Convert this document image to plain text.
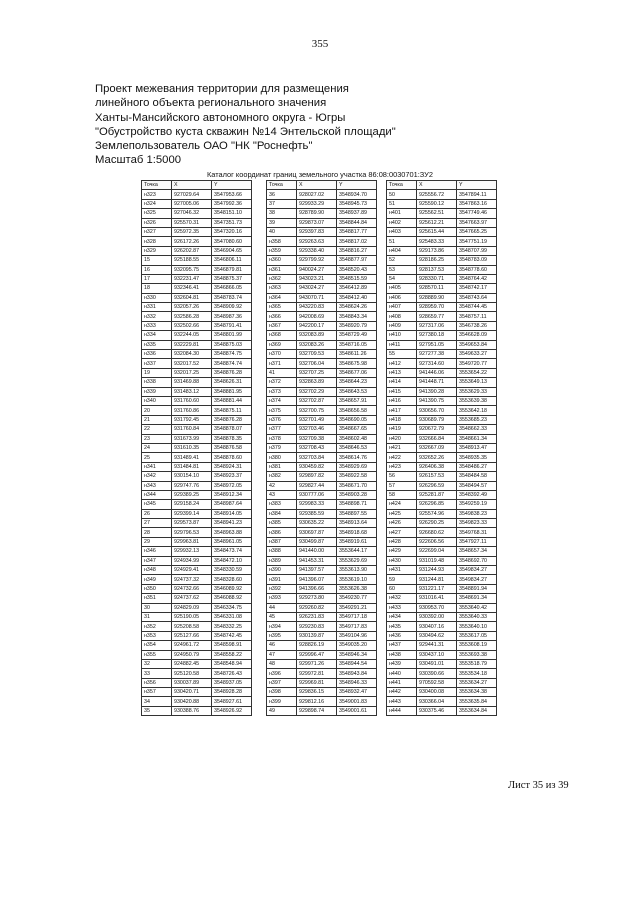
355
Проект межевания территории для размещения
линейного объекта регионального значения
Ханты-Мансийского автономного округа - Югры
"Обустройство куста скважин №14 Энтельской площади"
Землепользователь ОАО "НК "Роснефть"
Масштаб 1:5000
Каталог координат границ земельного участка 86:08:0030701:ЗУ2
Точка	X	Y
н323	927029.64	3547953.66
н324	927005.06	3547992.36
н325	927046.32	3548151.10
н326	925570.31	3547351.73
н327	925972.35	3547320.16
н328	926172.26	3547080.60
н329	926202.87	3546904.65
15	925188.55	3546806.11
16	932095.75	3546879.81
17	932231.47	3548875.37
18	932346.41	3546866.05
н330	932604.81	3548783.74
н331	932057.26	3548909.92
н332	932586.28	3548987.36
н333	932502.66	3548791.41
н334	932244.05	3548801.99
н335	932229.81	3548875.03
н336	932084.30	3548874.75
н337	932017.52	3548874.74
19	932017.25	3548876.28
н338	931469.88	3548626.31
н339	931483.12	3548881.95
н340	931760.60	3548881.44
20	931760.86	3548875.11
21	931792.45	3548876.28
22	931760.84	3548878.07
23	931673.99	3548878.35
24	931610.35	3548876.58
25	931489.41	3548878.60
н341	931484.81	3548924.31
н342	930154.10	3548923.37
н343	929747.76	3548972.05
н344	929389.25	3548912.34
н345	929158.24	3548987.64
26	929399.14	3548914.05
27	929573.87	3548941.23
28	929796.53	3548963.88
29	929963.81	3548961.05
н346	929932.13	3548473.74
н347	924934.99	3548472.10
н348	924929.41	3548330.59
н349	924737.32	3548328.60
н350	924732.66	3546089.92
н351	924737.62	3546088.92
30	924829.09	3546334.75
31	925190.05	3546331.08
н352	925208.58	3548332.25
н353	925127.66	3548742.45
н354	924961.72	3548598.91
н355	924950.79	3548558.22
32	924882.45	3548548.94
33	925120.58	3548726.43
н356	930037.89	3548937.05
н357	930420.71	3548928.28
34	930420.88	3548927.61
35	930388.76	3548926.92
Точка	X	Y
36	928027.02	3548934.70
37	929933.29	3548945.73
38	928789.90	3548937.89
39	929873.07	3548844.84
40	929397.83	3548817.77
н358	929263.63	3548817.02
н359	929338.40	3548816.27
н360	929799.92	3548877.97
н361	940024.27	3548520.43
н362	943023.21	3548515.59
н363	943024.27	3546412.89
н364	943070.71	3548412.40
н365	943220.83	3548624.26
н366	942008.69	3548843.34
н367	942200.17	3548920.79
н368	932083.89	3548729.49
н369	932083.26	3548716.05
н370	932709.53	3548611.26
н371	932706.04	3548675.98
41	932707.25	3548677.06
н372	932863.89	3548644.23
н373	932702.29	3548643.53
н374	932702.87	3548657.91
н375	932700.75	3548656.58
н376	932701.49	3548690.05
н377	932703.46	3548667.65
н378	932709.38	3548602.48
н379	932708.43	3548646.53
н380	932703.84	3548614.76
н381	930459.82	3548929.69
н382	929897.82	3548922.58
42	929827.44	3548671.70
43	930777.06	3548903.28
н383	929983.33	3548898.71
н384	929385.59	3548897.55
н385	930635.22	3548913.64
н386	930697.87	3548918.68
н387	930499.87	3548919.61
н388	941440.00	3553644.17
н389	941453.31	3553629.69
н390	941397.57	3553613.90
н391	941396.07	3553619.10
н392	941396.66	3553626.38
н393	929273.80	3549230.77
44	929260.82	3549291.21
45	926231.83	3549717.18
н394	929230.83	3549717.83
н395	930139.87	3549104.96
46	928826.19	3549035.20
47	929996.47	3548946.34
48	929971.26	3548944.54
н396	929972.81	3548943.84
н397	929969.81	3548946.33
н398	929836.15	3548932.47
н399	929812.16	3549001.83
49	929898.74	3549001.61
Точка	X	Y
50	925556.72	3547894.11
51	925590.12	3547863.16
н401	925562.51	3547749.46
н402	925612.21	3547663.97
н403	925615.44	3547665.25
51	925483.33	3547751.19
н404	929173.86	3548707.99
52	928186.25	3548783.09
53	928137.53	3548778.60
54	928330.71	3548764.42
н405	928570.11	3548742.17
н406	928889.90	3548743.64
н407	928959.70	3548744.45
н408	928659.77	3548757.11
н409	927317.06	3546738.26
н410	927380.18	3546628.09
н411	927951.05	3549653.84
55	927277.38	3549633.27
н412	927314.60	3549720.77
н413	941446.06	3553654.22
н414	941448.71	3553649.13
н415	941390.28	3553629.33
н416	941390.75	3553639.38
н417	930656.70	3553642.18
н418	930689.79	3553685.23
н419	920672.79	3548662.33
н420	932666.84	3548661.34
н421	932667.09	3548913.47
н422	932652.26	3548935.35
н423	926406.38	3548486.27
56	926157.53	3548484.58
57	926296.59	3548494.57
58	925281.87	3548392.49
н424	926296.85	3549259.19
н425	925574.96	3549838.23
н426	926290.25	3549823.33
н427	926680.62	3549768.31
н428	922606.56	3547927.11
н429	922699.04	3548657.34
н430	931019.48	3548692.70
н431	931244.93	3549834.27
59	931244.81	3549834.27
60	931221.17	3548891.94
н432	931016.41	3548691.34
н433	930953.70	3553640.42
н434	930392.00	3553640.33
н435	930407.16	3553640.10
н436	930494.62	3553617.05
н437	929441.31	3553608.19
н438	930437.10	3553693.38
н439	930491.01	3553518.79
н440	930390.66	3553534.18
н441	970592.58	3553634.27
н442	930400.08	3553634.38
н443	930366.04	3553635.84
н444	930375.46	3553634.84
Лист 35 из 39
